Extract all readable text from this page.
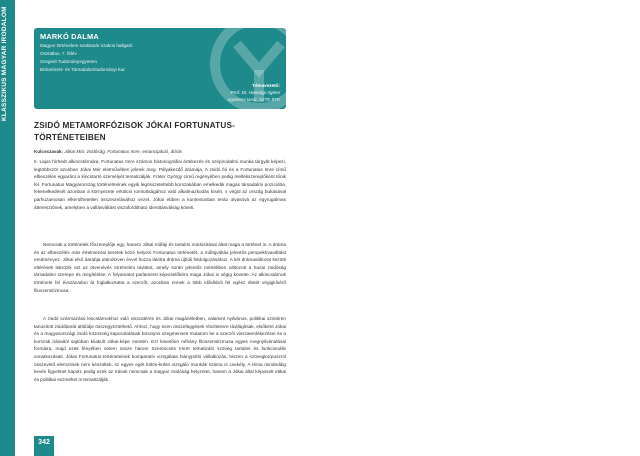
KLASSZIKUS MAGYAR IRODALOM	MARKÓ DALMA
Magyar történelem szaktanár szakos hallgató
Osztatlan, 7. félév
Szegedi Tudományegyetem
Bölcsészet- és Társadalomtudományi Kar
Témavezető:
Prof. Dr. Hansági Ágnes
egyetemi tanár, SZTE BTK
ZSIDÓ METAMORFÓZISOK JÓKAI FORTUNATUS-TÖRTÉNETEIBEN
Kulcsszavak: Jókai Mór, zsidóság, Fortunatus Imre, emancipáció, átírás
II. Lajos hírhedt alkincstárnoka, Fortunatus Imre számos historiográfiai értekezés és szépirodalmi munka tárgyát képezi, legtöbbször azonban Jókai Mór eletművében jelenik meg. Pályakezdő drámája, A zsidó fiú és a Fortunatus Imre című elbeszélés egyaránt a kincstartó személyét tematizálják. Frater György című regényében pedig mellékszereplőként tűnik fel. Fortunatus Magyarország történelmének egyik legösszetettebb korszakában emelkedik magas társadalmi pozícióba, felemelkedését azonban a környezete erkölcsi romlottságához való alkalmazkodás kíséri, s végül az ország bukásával párhuzamosan elkerülhetetlen összeomlásához vezet. Jókai ebben a kontextusban teráz olvasóvá az egyrugalmas átteresztőnek, amelyben a vallásváltást viszaforditható identitásválság követi.
Nemcsak a történetek főszereplője egy, hanem Jókai műfaji és tartalmi módosításai által maga a történet is. A dráma és az elbeszélés más értelmezési keretek közé helyezi Fortunatus történetét, a műfajváltás jelentős perspektívaváltást eredményez. Jókai első darabja utánókrven évvel hozza látótta dráma újbóli feldolgozásához. A két drámaváltozat közötti eltérések tükrözik azt az ötvenévés történelmi távlatot, amely során jelentős mértékben változott a hazai zsidóság társadalmi szerepe és megítélése. A folyamatot parlamenti képviselőként maga Jókai is végig követte. Az alkincstárnok története fel évszázadon át foglalkoztatta a szerzőt, azonban ennek a több idősíkból fel egész életét végigkísérő filoszemitizmusa.
A zsidó származású kincstárnokhoz való visszatérés és Jókai magánéletben, valamint nyilvános, politikai szintéren tanúsított zsidóbarát attitűdje összegyeztethető. Ahhoz, hogy ezen összefüggések részletesre rávilágítsak, elsőként Jókai és a magyarországi zsidó közösség kapcsolatának bizonyos szegmenseit mutatom be a szerzői visszaemlékezései és a korszak írásaitól sajtóban kiiakult Jókai-képe mentén. Ezt követően néhány filoszemitizmusa egyes megnyilvánulásai formáira, majd ezek fényében vetem össze három Szerencsés Imret tematizáló szöveg tartalmi és funkcionális vonatkozásait. Jókai Fortunatus-történeteinek komparatív vizsgálata hiánypótló vállalkozás, hiszen a szövegkorpuszról összevető elemzések nem készültek, sz egyes egét külön-külön vizsgáló munkák száma is csekély. A téma mindeddig kevés figyelmet kapott, pedig ezek az írások nemcsak a magyar zsidóság helyzetet, hanem a Jókai által képviselt etikai és politikai eszméket is tematizálják.
342
